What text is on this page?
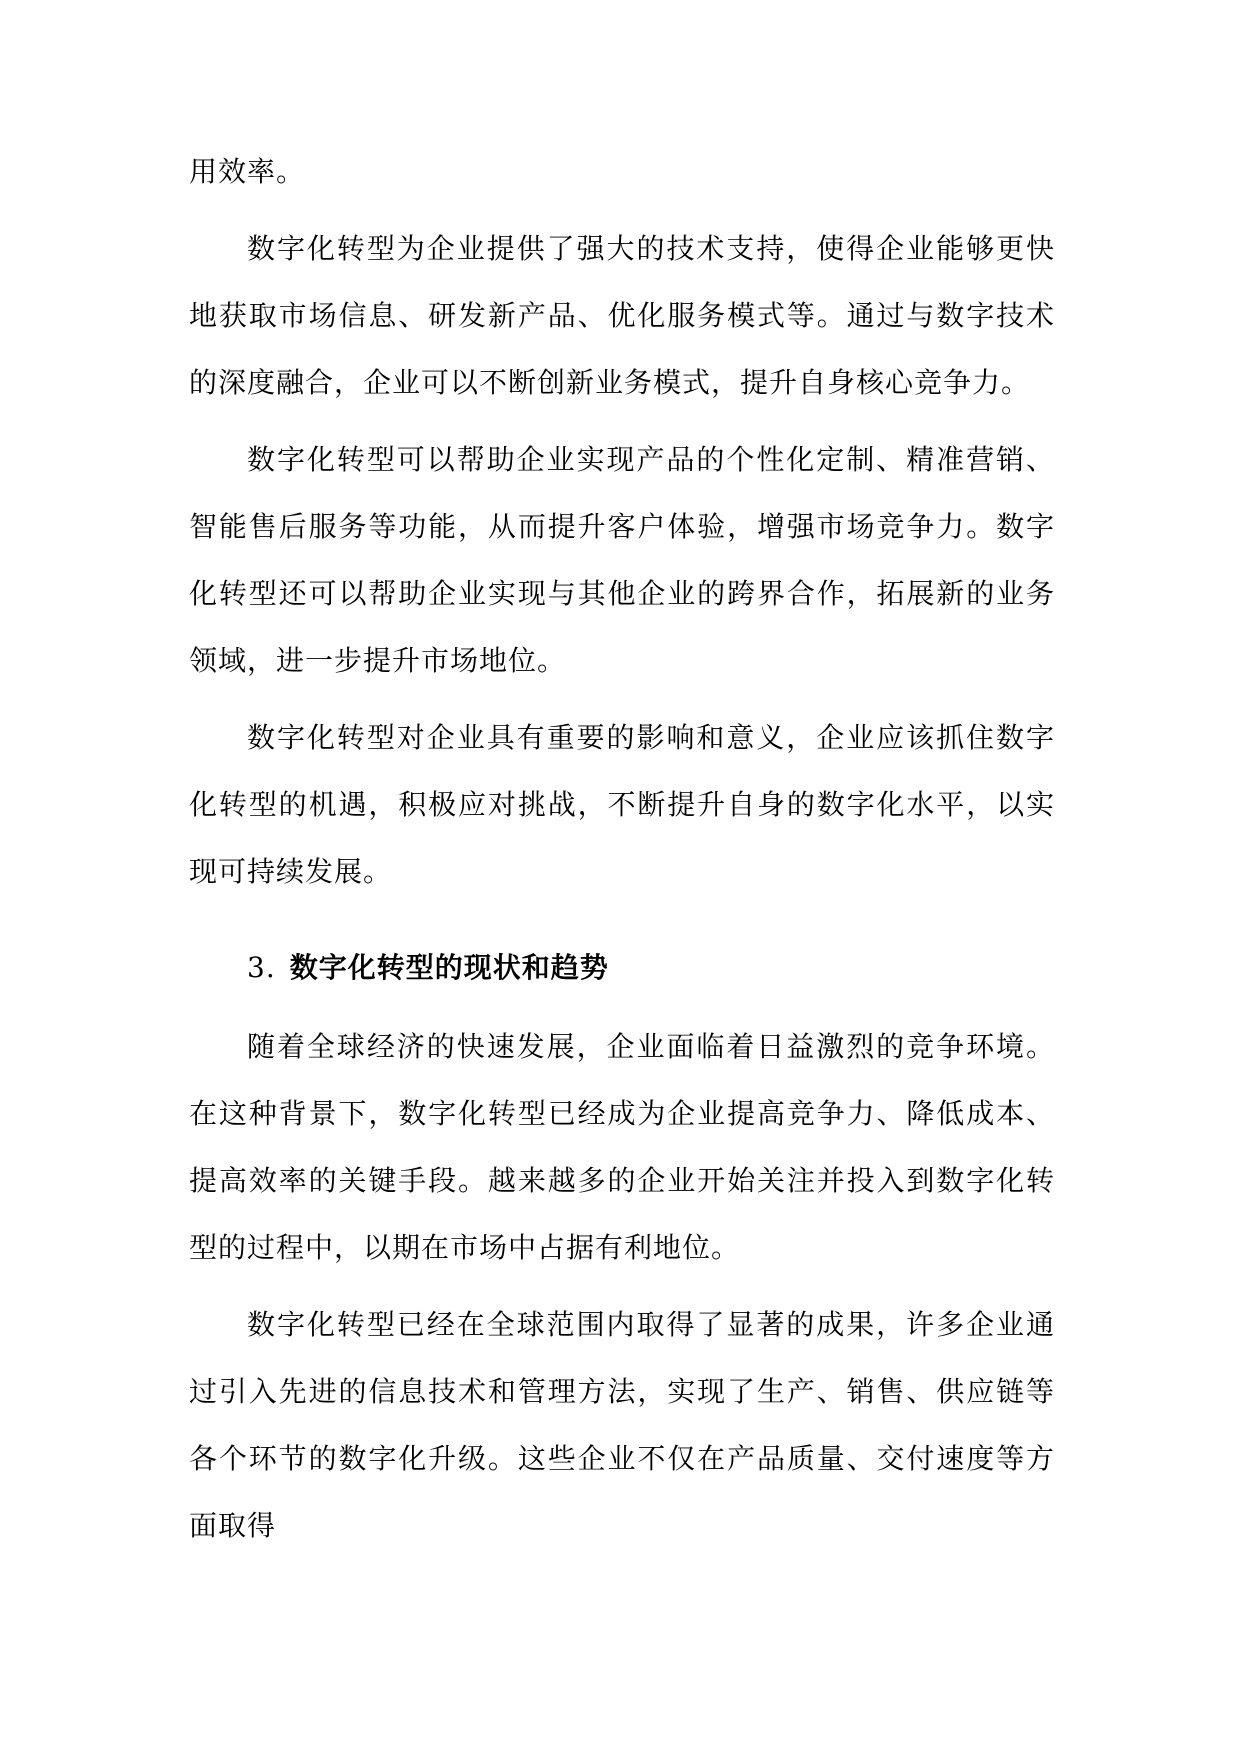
用效率。

数字化转型为企业提供了强大的技术支持，使得企业能够更快地获取市场信息、研发新产品、优化服务模式等。通过与数字技术的深度融合，企业可以不断创新业务模式，提升自身核心竞争力。

数字化转型可以帮助企业实现产品的个性化定制、精准营销、智能售后服务等功能，从而提升客户体验，增强市场竞争力。数字化转型还可以帮助企业实现与其他企业的跨界合作，拓展新的业务领域，进一步提升市场地位。

数字化转型对企业具有重要的影响和意义，企业应该抓住数字化转型的机遇，积极应对挑战，不断提升自身的数字化水平，以实现可持续发展。

3. 数字化转型的现状和趋势

随着全球经济的快速发展，企业面临着日益激烈的竞争环境。在这种背景下，数字化转型已经成为企业提高竞争力、降低成本、提高效率的关键手段。越来越多的企业开始关注并投入到数字化转型的过程中，以期在市场中占据有利地位。

数字化转型已经在全球范围内取得了显著的成果，许多企业通过引入先进的信息技术和管理方法，实现了生产、销售、供应链等各个环节的数字化升级。这些企业不仅在产品质量、交付速度等方面取得
